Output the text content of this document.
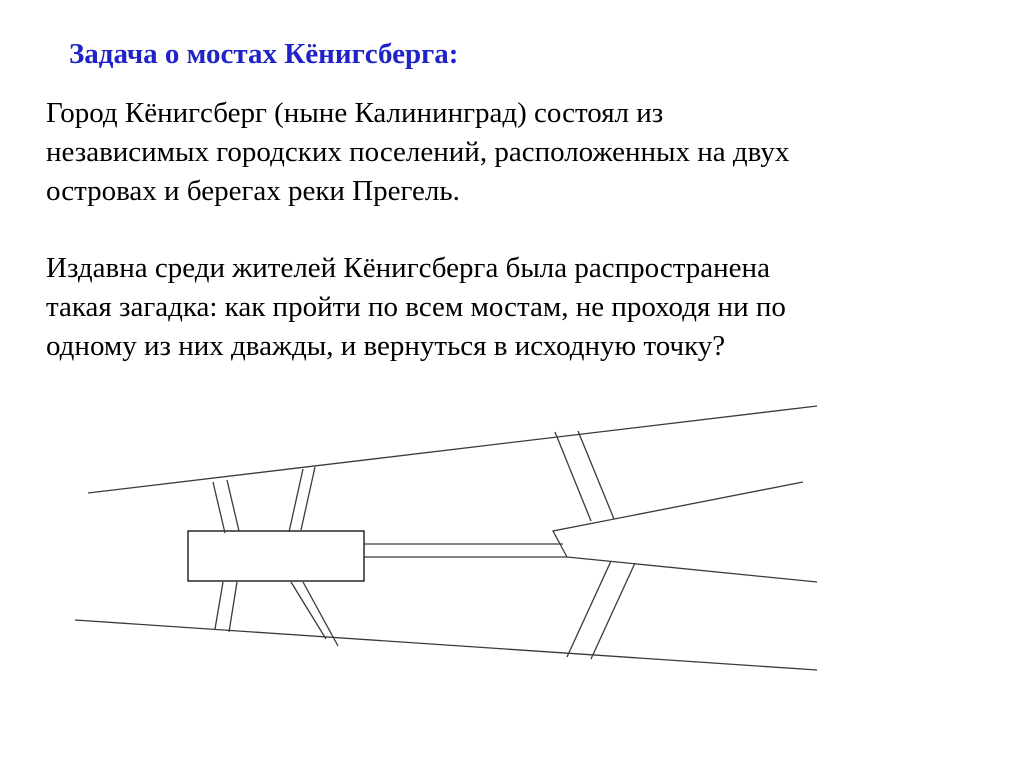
Задача о мостах Кёнигсберга:

Город Кёнигсберг (ныне Калининград) состоял из
независимых городских поселений, расположенных на двух
островах и берегах реки Прегель.

Издавна среди жителей Кёнигсберга была распространена
такая загадка: как пройти по всем мостам, не проходя ни по
одному из них дважды, и вернуться в исходную точку?
